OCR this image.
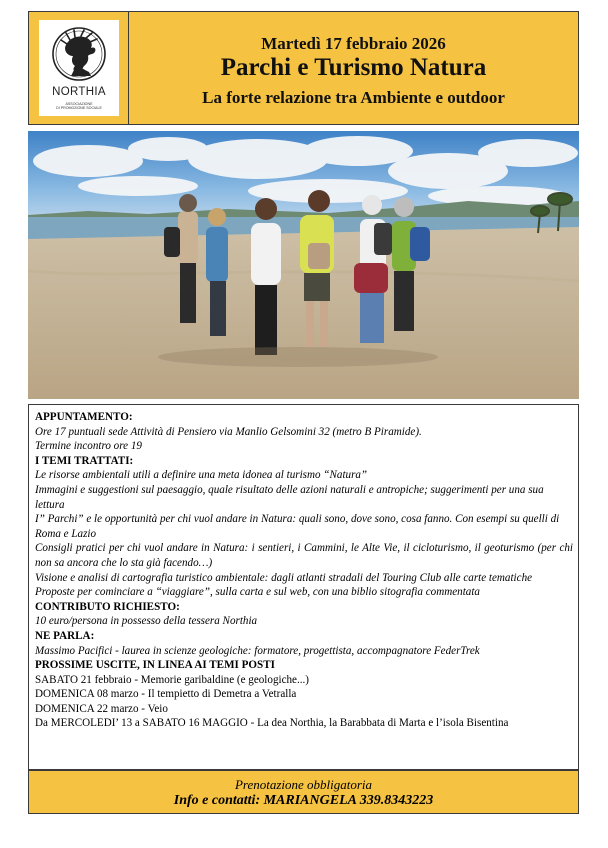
NORTHIA
ASSOCIAZIONE
DI PROMOZIONE SOCIALE
Martedì 17 febbraio 2026
Parchi e Turismo Natura
La forte relazione tra Ambiente e outdoor

APPUNTAMENTO:

Ore 17 puntuali sede Attività di Pensiero via Manlio Gelsomini 32 (metro B Piramide).

Termine incontro ore 19

I TEMI TRATTATI:

Le risorse ambientali utili a definire una meta idonea al turismo “Natura”

Immagini e suggestioni sul paesaggio, quale risultato delle azioni naturali e antropiche; suggerimenti per una sua lettura

I” Parchi” e le opportunità per chi vuol andare in Natura: quali sono, dove sono, cosa fanno. Con esempi su quelli di Roma e Lazio

Consigli pratici per chi vuol andare in Natura: i sentieri, i Cammini, le Alte Vie, il cicloturismo, il geoturismo (per chi non sa ancora che lo sta già facendo…)

Visione e analisi di cartografia turistico ambientale: dagli atlanti stradali del Touring Club alle carte tematiche

Proposte per cominciare a “viaggiare”, sulla carta e sul web, con una biblio sitografia commentata

CONTRIBUTO RICHIESTO:

10 euro/persona in possesso della tessera Northia

NE PARLA:

Massimo Pacifici - laurea in scienze geologiche: formatore, progettista, accompagnatore FederTrek

PROSSIME USCITE, IN LINEA AI TEMI POSTI

SABATO 21 febbraio - Memorie garibaldine (e geologiche...)

DOMENICA 08 marzo - Il tempietto di Demetra a Vetralla

DOMENICA 22 marzo - Veio

Da MERCOLEDI’ 13 a SABATO 16 MAGGIO - La dea Northia, la Barabbata di Marta e l’isola Bisentina

Prenotazione obbligatoria
Info e contatti: MARIANGELA 339.8343223
